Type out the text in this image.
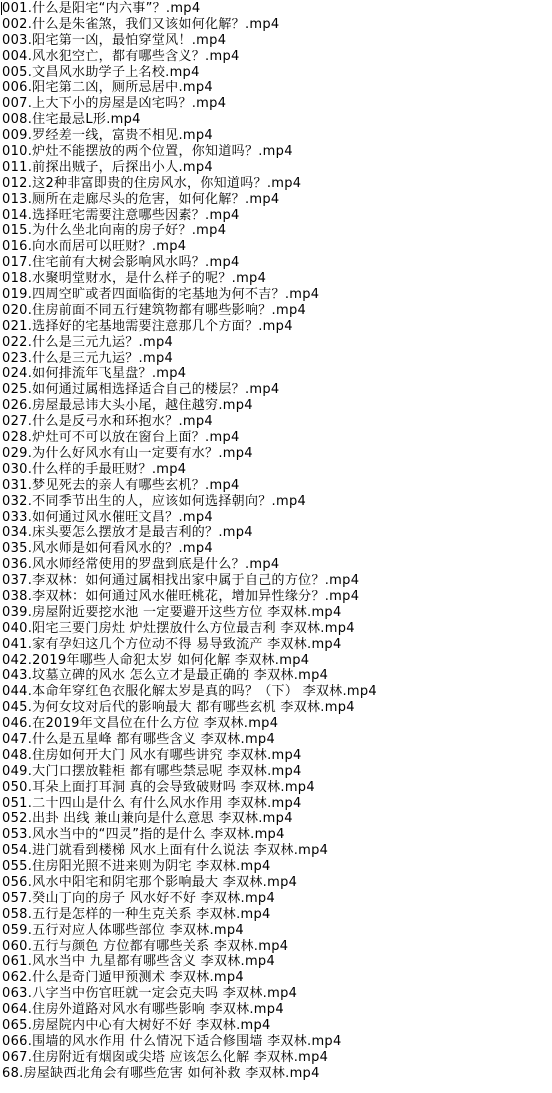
001.什么是阳宅“内六事”？.mp4
002.什么是朱雀煞，我们又该如何化解？.mp4
003.阳宅第一凶，最怕穿堂风！.mp4
004.风水犯空亡，都有哪些含义？.mp4
005.文昌风水助学子上名校.mp4
006.阳宅第二凶，厕所忌居中.mp4
007.上大下小的房屋是凶宅吗？.mp4
008.住宅最忌L形.mp4
009.罗经差一线，富贵不相见.mp4
010.炉灶不能摆放的两个位置，你知道吗？.mp4
011.前探出贼子，后探出小人.mp4
012.这2种非富即贵的住房风水，你知道吗？.mp4
013.厕所在走廊尽头的危害，如何化解？.mp4
014.选择旺宅需要注意哪些因素？.mp4
015.为什么坐北向南的房子好？.mp4
016.向水而居可以旺财？.mp4
017.住宅前有大树会影响风水吗？.mp4
018.水聚明堂财水，是什么样子的呢？.mp4
019.四周空旷或者四面临街的宅基地为何不吉？.mp4
020.住房前面不同五行建筑物都有哪些影响？.mp4
021.选择好的宅基地需要注意那几个方面？.mp4
022.什么是三元九运？.mp4
023.什么是三元九运？.mp4
024.如何排流年飞星盘？.mp4
025.如何通过属相选择适合自己的楼层？.mp4
026.房屋最忌讳大头小尾，越住越穷.mp4
027.什么是反弓水和环抱水？.mp4
028.炉灶可不可以放在窗台上面？.mp4
029.为什么好风水有山一定要有水？.mp4
030.什么样的手最旺财？.mp4
031.梦见死去的亲人有哪些玄机？.mp4
032.不同季节出生的人，应该如何选择朝向？.mp4
033.如何通过风水催旺文昌？.mp4
034.床头要怎么摆放才是最吉利的？.mp4
035.风水师是如何看风水的？.mp4
036.风水师经常使用的罗盘到底是什么？.mp4
037.李双林：如何通过属相找出家中属于自己的方位？.mp4
038.李双林：如何通过风水催旺桃花，增加异性缘分？.mp4
039.房屋附近要挖水池 一定要避开这些方位 李双林.mp4
040.阳宅三要门房灶 炉灶摆放什么方位最吉利 李双林.mp4
041.家有孕妇这几个方位动不得 易导致流产 李双林.mp4
042.2019年哪些人命犯太岁 如何化解 李双林.mp4
043.坟墓立碑的风水 怎么立才是最正确的 李双林.mp4
044.本命年穿红色衣服化解太岁是真的吗？（下） 李双林.mp4
045.为何女坟对后代的影响最大 都有哪些玄机 李双林.mp4
046.在2019年文昌位在什么方位 李双林.mp4
047.什么是五星峰 都有哪些含义 李双林.mp4
048.住房如何开大门 风水有哪些讲究 李双林.mp4
049.大门口摆放鞋柜 都有哪些禁忌呢 李双林.mp4
050.耳朵上面打耳洞 真的会导致破财吗 李双林.mp4
051.二十四山是什么 有什么风水作用 李双林.mp4
052.出卦 出线 兼山兼向是什么意思 李双林.mp4
053.风水当中的“四灵”指的是什么 李双林.mp4
054.进门就看到楼梯 风水上面有什么说法 李双林.mp4
055.住房阳光照不进来则为阴宅 李双林.mp4
056.风水中阳宅和阴宅那个影响最大 李双林.mp4
057.癸山丁向的房子 风水好不好 李双林.mp4
058.五行是怎样的一种生克关系 李双林.mp4
059.五行对应人体哪些部位 李双林.mp4
060.五行与颜色 方位都有哪些关系 李双林.mp4
061.风水当中 九星都有哪些含义 李双林.mp4
062.什么是奇门遁甲预测术 李双林.mp4
063.八字当中伤官旺就一定会克夫吗 李双林.mp4
064.住房外道路对风水有哪些影响 李双林.mp4
065.房屋院内中心有大树好不好 李双林.mp4
066.围墙的风水作用 什么情况下适合修围墙 李双林.mp4
067.住房附近有烟囱或尖塔 应该怎么化解 李双林.mp4
68.房屋缺西北角会有哪些危害 如何补救 李双林.mp4
